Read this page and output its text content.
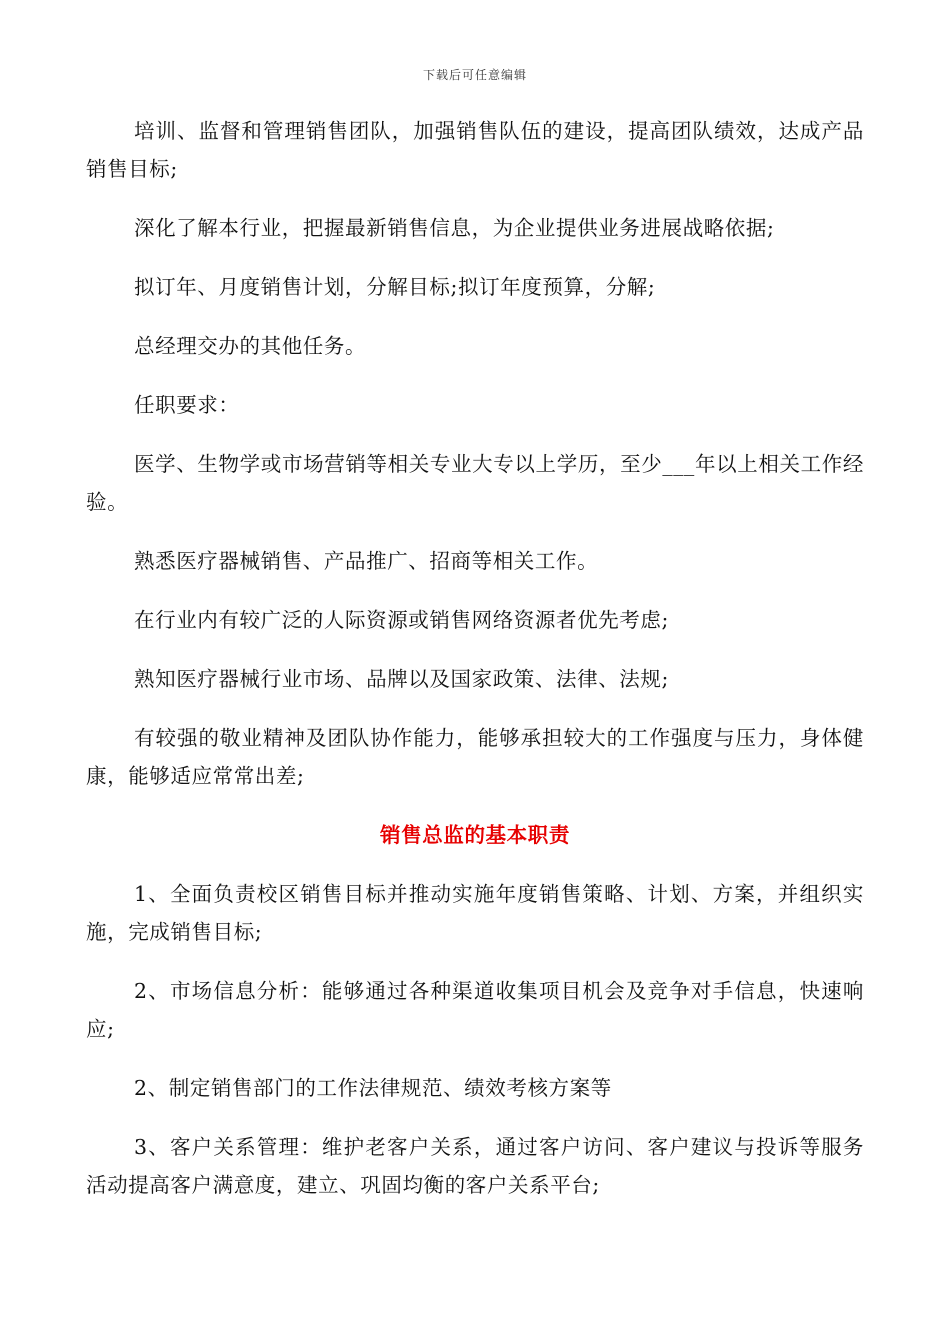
下载后可任意编辑

培训、监督和管理销售团队，加强销售队伍的建设，提高团队绩效，达成产品销售目标;

深化了解本行业，把握最新销售信息，为企业提供业务进展战略依据;

拟订年、月度销售计划，分解目标;拟订年度预算，分解;

总经理交办的其他任务。

任职要求：

医学、生物学或市场营销等相关专业大专以上学历，至少___年以上相关工作经验。

熟悉医疗器械销售、产品推广、招商等相关工作。

在行业内有较广泛的人际资源或销售网络资源者优先考虑;

熟知医疗器械行业市场、品牌以及国家政策、法律、法规;

有较强的敬业精神及团队协作能力，能够承担较大的工作强度与压力，身体健康，能够适应常常出差;

销售总监的基本职责

1、全面负责校区销售目标并推动实施年度销售策略、计划、方案，并组织实施，完成销售目标;

2、市场信息分析：能够通过各种渠道收集项目机会及竞争对手信息，快速响应;

2、制定销售部门的工作法律规范、绩效考核方案等

3、客户关系管理：维护老客户关系，通过客户访问、客户建议与投诉等服务活动提高客户满意度，建立、巩固均衡的客户关系平台;
